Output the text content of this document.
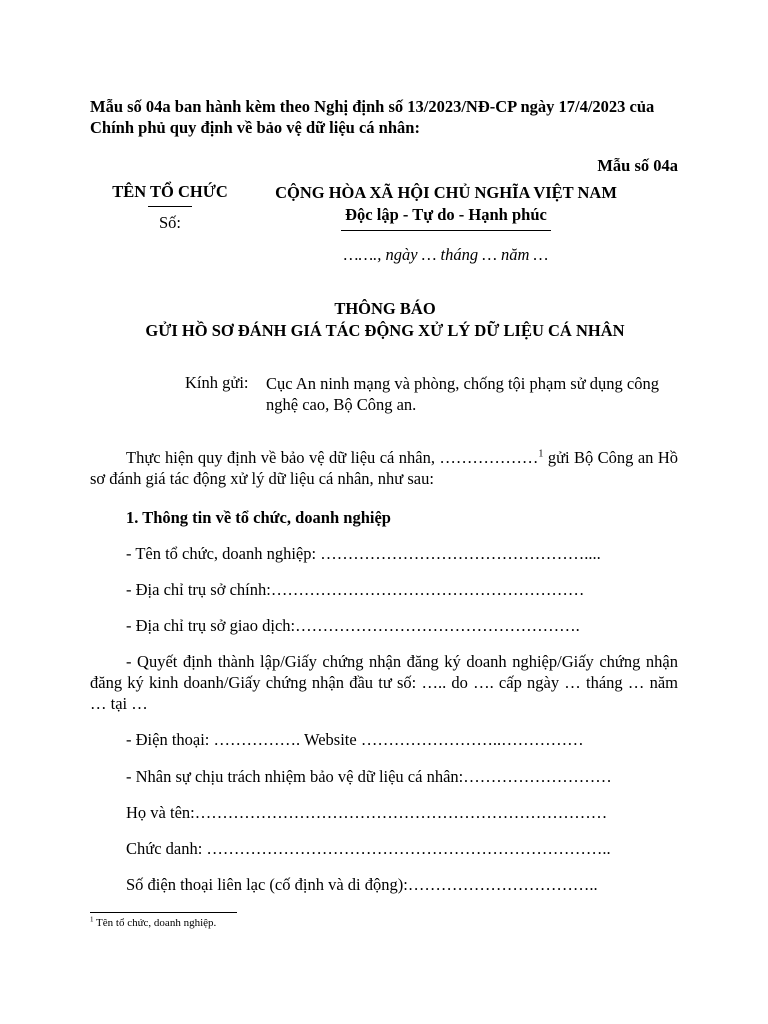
Mẫu số 04a ban hành kèm theo Nghị định số 13/2023/NĐ-CP ngày 17/4/2023 của Chính phủ quy định về bảo vệ dữ liệu cá nhân:
Mẫu số 04a
TÊN TỔ CHỨC
Số:
CỘNG HÒA XÃ HỘI CHỦ NGHĨA VIỆT NAM
Độc lập - Tự do - Hạnh phúc
……., ngày … tháng … năm …
THÔNG BÁO
GỬI HỒ SƠ ĐÁNH GIÁ TÁC ĐỘNG XỬ LÝ DỮ LIỆU CÁ NHÂN
Kính gửi: Cục An ninh mạng và phòng, chống tội phạm sử dụng công nghệ cao, Bộ Công an.
Thực hiện quy định về bảo vệ dữ liệu cá nhân, ………………$^1$ gửi Bộ Công an Hồ sơ đánh giá tác động xử lý dữ liệu cá nhân, như sau:
1. Thông tin về tổ chức, doanh nghiệp
- Tên tổ chức, doanh nghiệp: …………………………………………....
- Địa chỉ trụ sở chính:…………………………………………………
- Địa chỉ trụ sở giao dịch:…………………………………………….
- Quyết định thành lập/Giấy chứng nhận đăng ký doanh nghiệp/Giấy chứng nhận đăng ký kinh doanh/Giấy chứng nhận đầu tư số: ….. do …. cấp ngày … tháng … năm … tại …
- Điện thoại: ……………. Website ……………………..……………
- Nhân sự chịu trách nhiệm bảo vệ dữ liệu cá nhân:………………………
Họ và tên:…………………………………………………………………
Chức danh: ………………………………………………………………..
Số điện thoại liên lạc (cố định và di động):……………………………..
$^1$ Tên tổ chức, doanh nghiệp.
